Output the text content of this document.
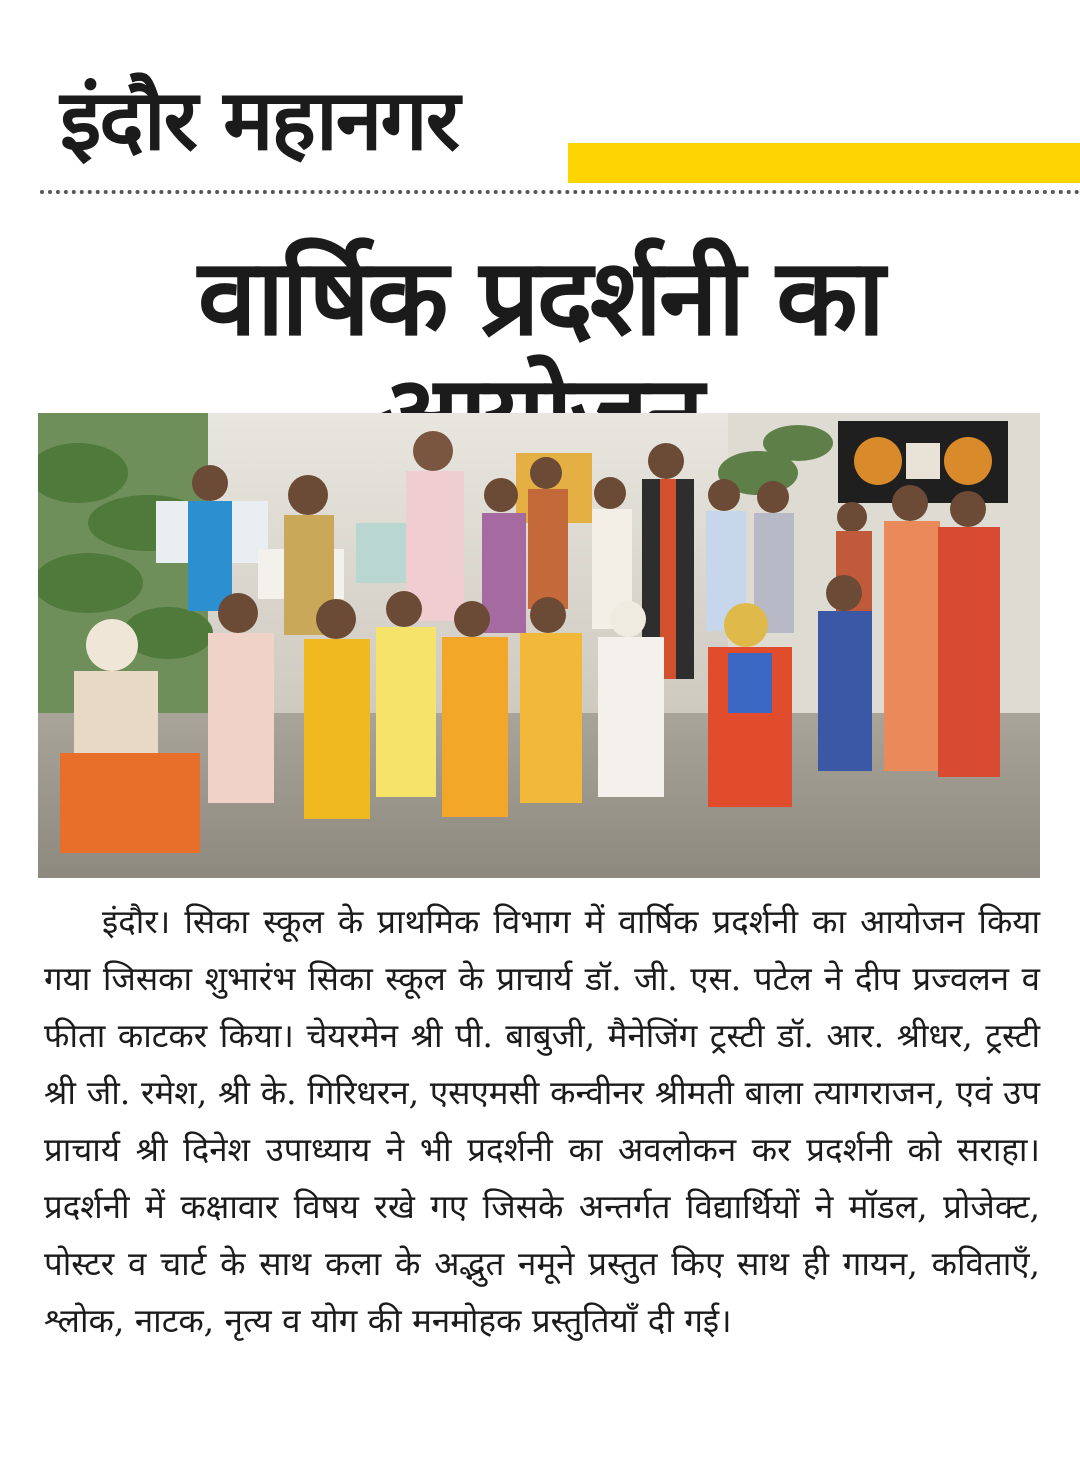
इंदौर महानगर
वार्षिक प्रदर्शनी का

इंदौर। सिका स्कूल के प्राथमिक विभाग में वार्षिक प्रदर्शनी का आयोजन किया गया जिसका शुभारंभ सिका स्कूल के प्राचार्य डॉ. जी. एस. पटेल ने दीप प्रज्वलन व फीता काटकर किया। चेयरमेन श्री पी. बाबुजी, मैनेजिंग ट्रस्टी डॉ. आर. श्रीधर, ट्रस्टी श्री जी. रमेश, श्री के. गिरिधरन, एसएमसी कन्वीनर श्रीमती बाला त्यागराजन, एवं उप प्राचार्य श्री दिनेश उपाध्याय ने भी प्रदर्शनी का अवलोकन कर प्रदर्शनी को सराहा। प्रदर्शनी में कक्षावार विषय रखे गए जिसके अन्तर्गत विद्यार्थियों ने मॉडल, प्रोजेक्ट, पोस्टर व चार्ट के साथ कला के अद्भुत नमूने प्रस्तुत किए साथ ही गायन, कविताएँ, श्लोक, नाटक, नृत्य व योग की मनमोहक प्रस्तुतियाँ दी गई।
